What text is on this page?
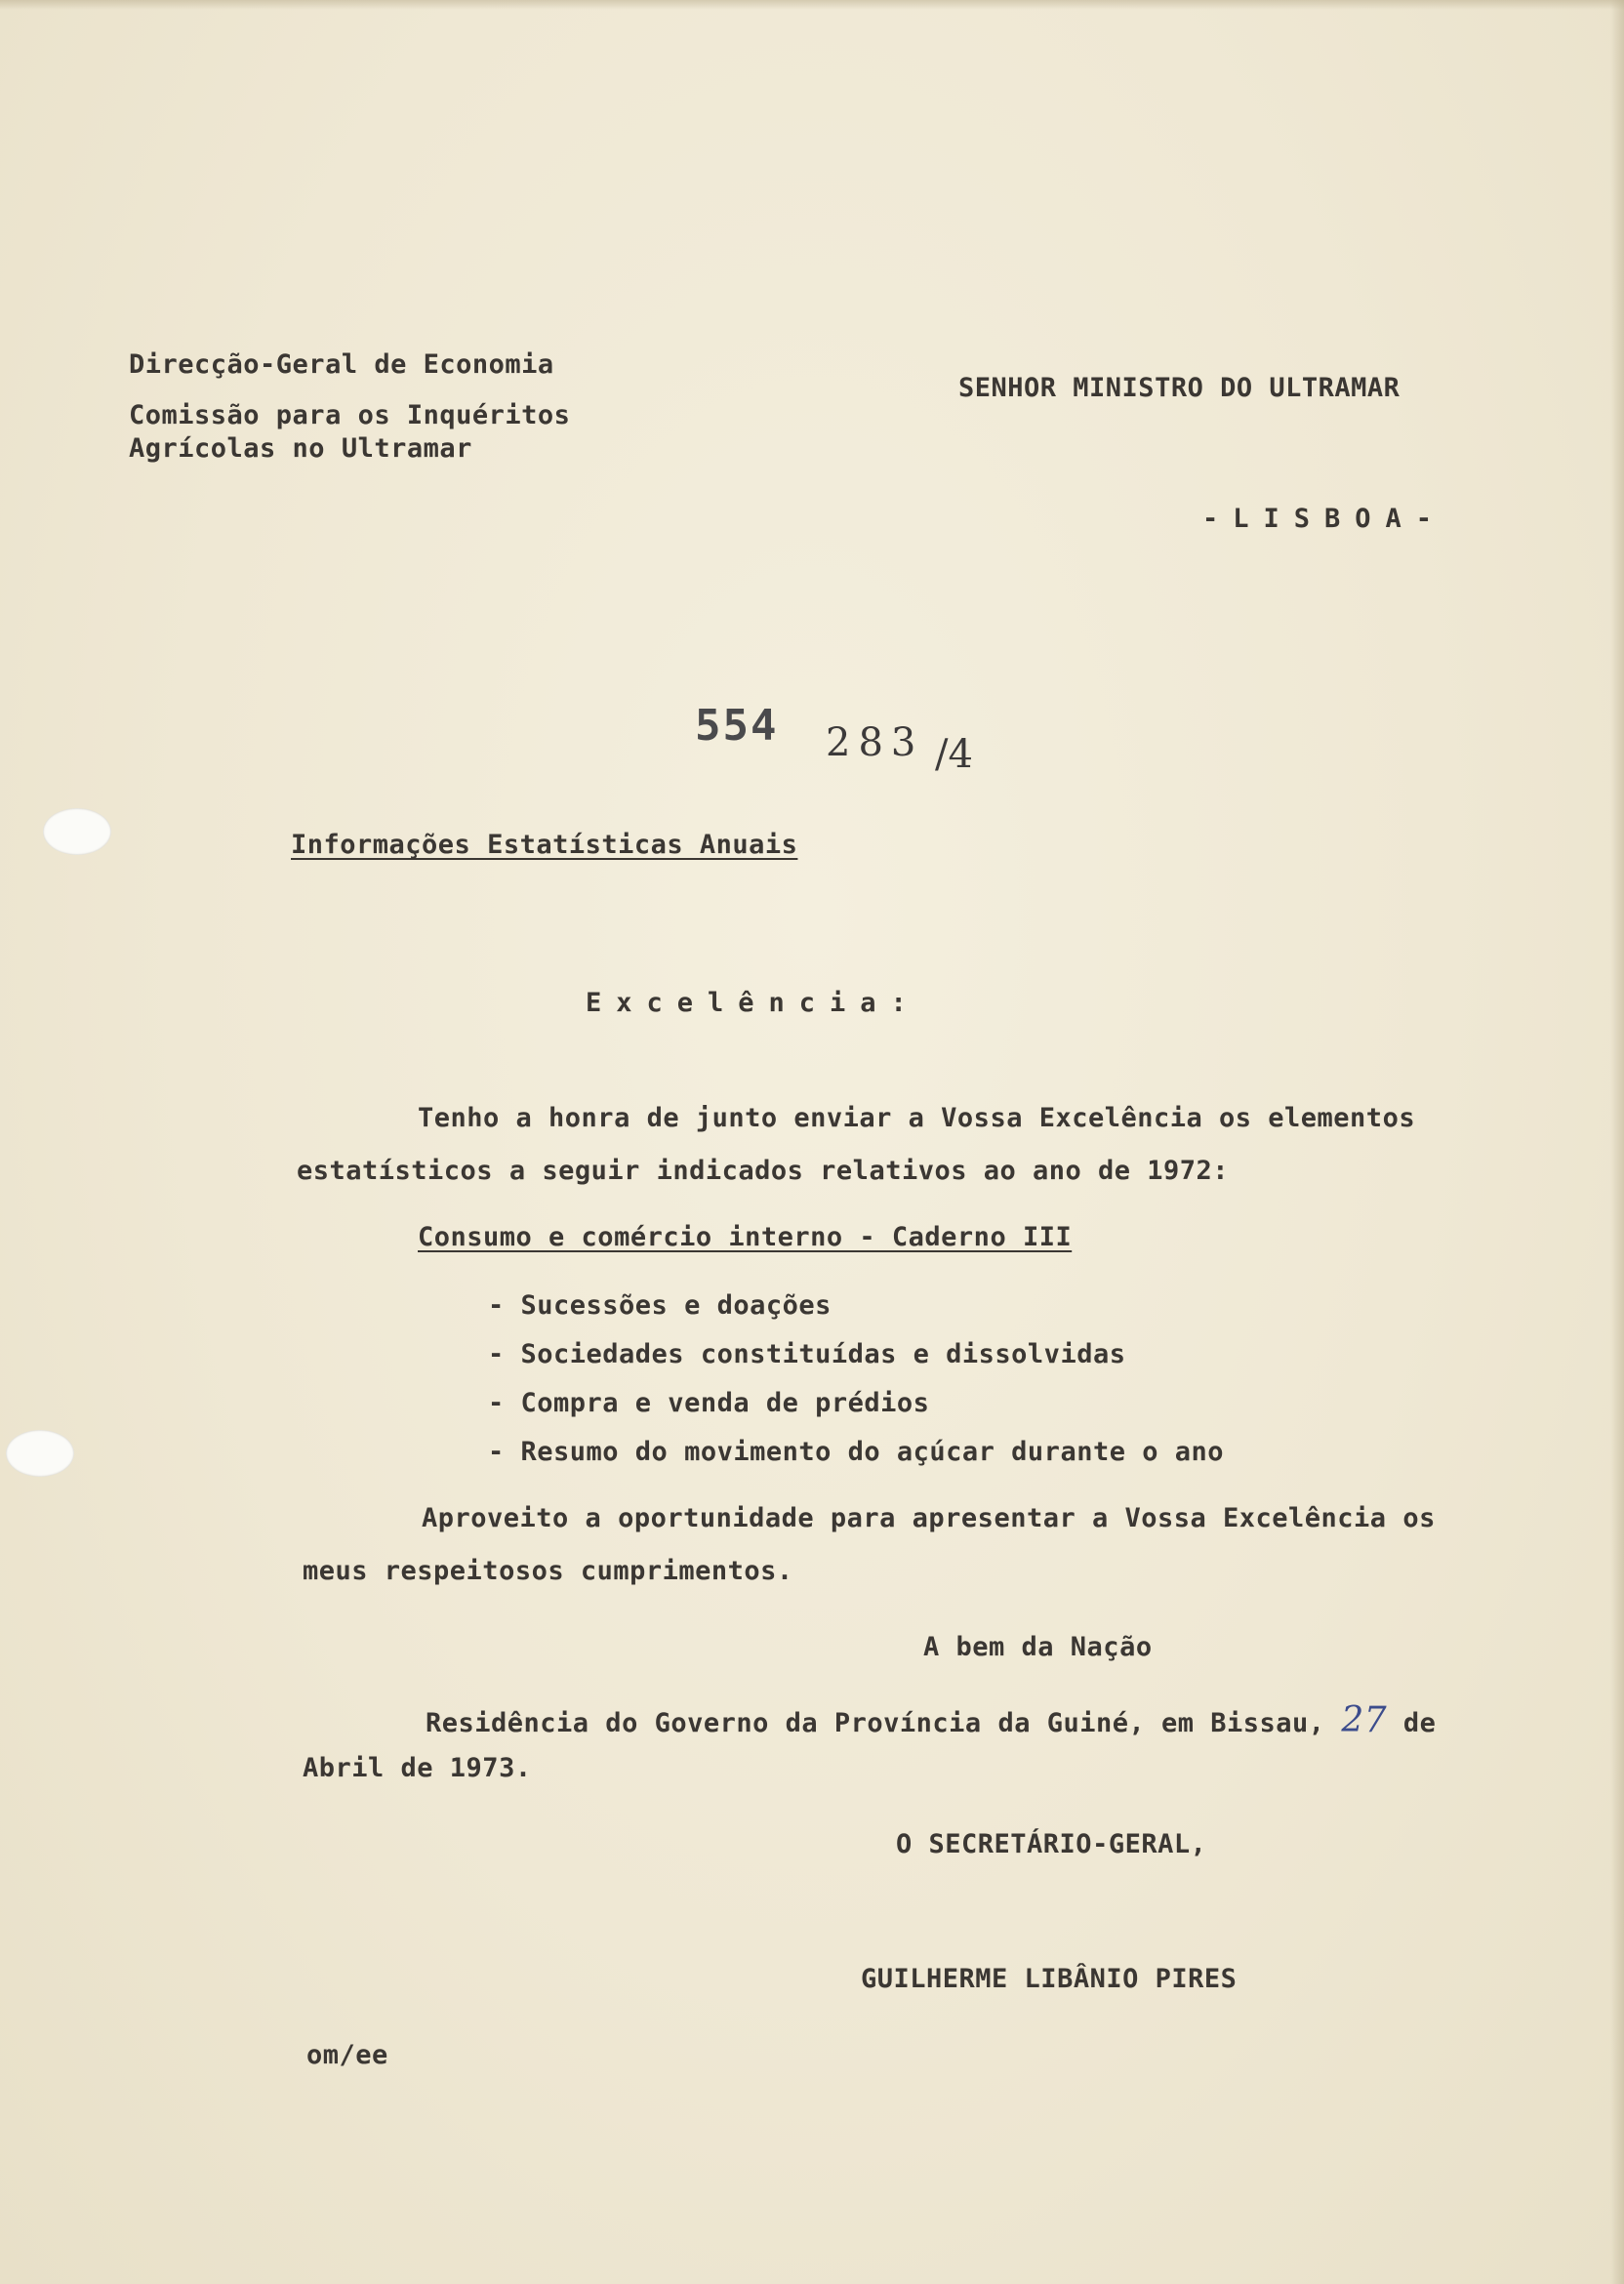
Direcção-Geral de Economia
Comissão para os Inquéritos
Agrícolas no Ultramar
SENHOR MINISTRO DO ULTRAMAR
-LISBOA-
554 283 /4
Informações Estatísticas Anuais
Excelência:
Tenho a honra de junto enviar a Vossa Excelência os elementos
estatísticos a seguir indicados relativos ao ano de 1972:
Consumo e comércio interno - Caderno III
- Sucessões e doações
- Sociedades constituídas e dissolvidas
- Compra e venda de prédios
- Resumo do movimento do açúcar durante o ano
Aproveito a oportunidade para apresentar a Vossa Excelência os
meus respeitosos cumprimentos.
A bem da Nação
Residência do Governo da Província da Guiné, em Bissau, 27 de
Abril de 1973.
O SECRETÁRIO-GERAL,
GUILHERME LIBÂNIO PIRES
om/ee
